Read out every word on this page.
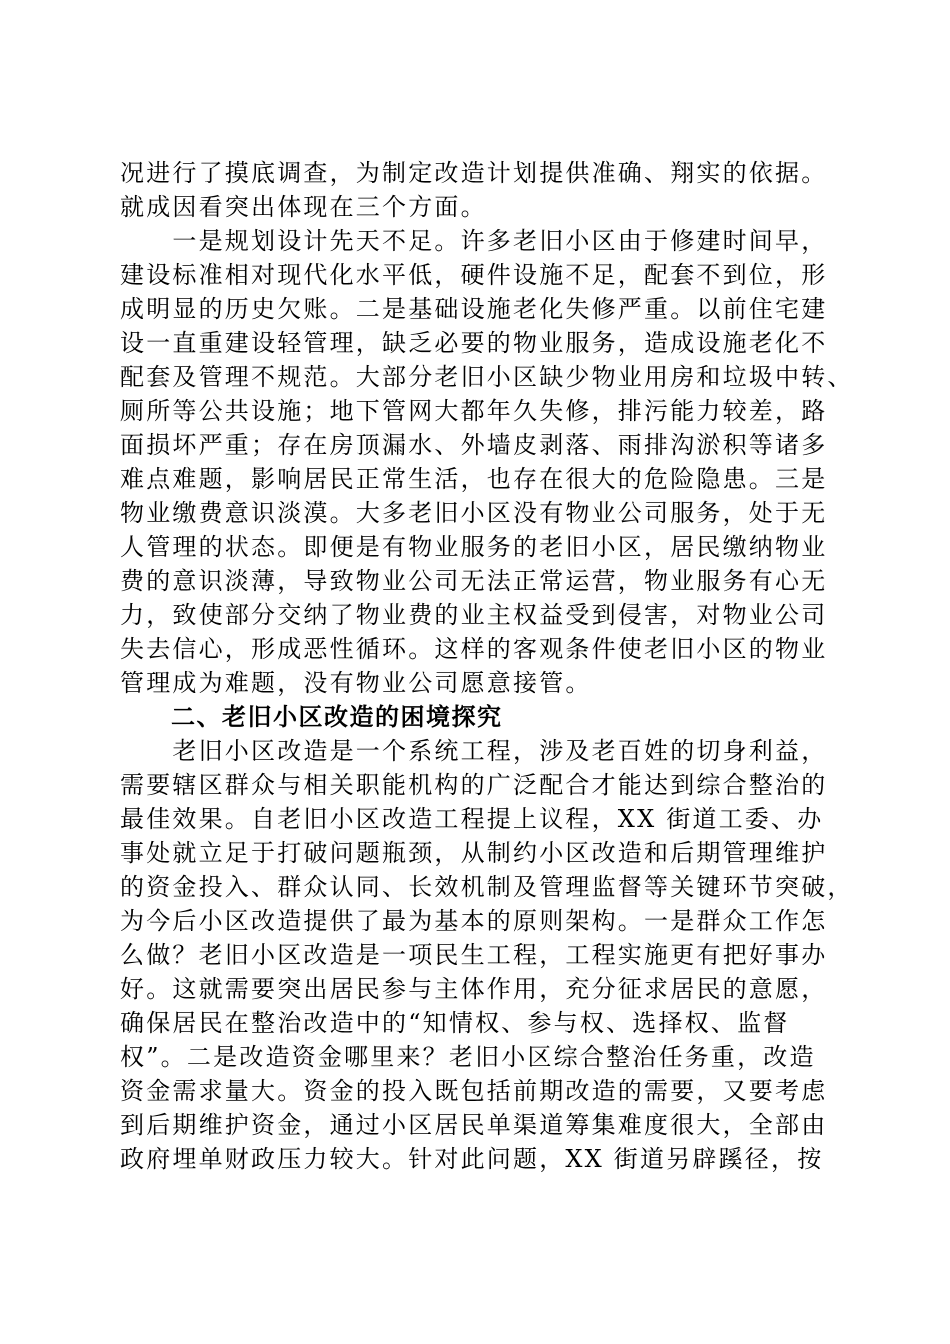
况进行了摸底调查，为制定改造计划提供准确、翔实的依据。
就成因看突出体现在三个方面。
　　一是规划设计先天不足。许多老旧小区由于修建时间早，
建设标准相对现代化水平低，硬件设施不足，配套不到位，形
成明显的历史欠账。二是基础设施老化失修严重。以前住宅建
设一直重建设轻管理，缺乏必要的物业服务，造成设施老化不
配套及管理不规范。大部分老旧小区缺少物业用房和垃圾中转、
厕所等公共设施；地下管网大都年久失修，排污能力较差，路
面损坏严重；存在房顶漏水、外墙皮剥落、雨排沟淤积等诸多
难点难题，影响居民正常生活，也存在很大的危险隐患。三是
物业缴费意识淡漠。大多老旧小区没有物业公司服务，处于无
人管理的状态。即便是有物业服务的老旧小区，居民缴纳物业
费的意识淡薄，导致物业公司无法正常运营，物业服务有心无
力，致使部分交纳了物业费的业主权益受到侵害，对物业公司
失去信心，形成恶性循环。这样的客观条件使老旧小区的物业
管理成为难题，没有物业公司愿意接管。
　　二、老旧小区改造的困境探究
　　老旧小区改造是一个系统工程，涉及老百姓的切身利益，
需要辖区群众与相关职能机构的广泛配合才能达到综合整治的
最佳效果。自老旧小区改造工程提上议程，XX 街道工委、办
事处就立足于打破问题瓶颈，从制约小区改造和后期管理维护
的资金投入、群众认同、长效机制及管理监督等关键环节突破，
为今后小区改造提供了最为基本的原则架构。一是群众工作怎
么做？老旧小区改造是一项民生工程，工程实施更有把好事办
好。这就需要突出居民参与主体作用，充分征求居民的意愿，
确保居民在整治改造中的“知情权、参与权、选择权、监督
权”。二是改造资金哪里来？老旧小区综合整治任务重，改造
资金需求量大。资金的投入既包括前期改造的需要，又要考虑
到后期维护资金，通过小区居民单渠道筹集难度很大，全部由
政府埋单财政压力较大。针对此问题，XX 街道另辟蹊径，按
